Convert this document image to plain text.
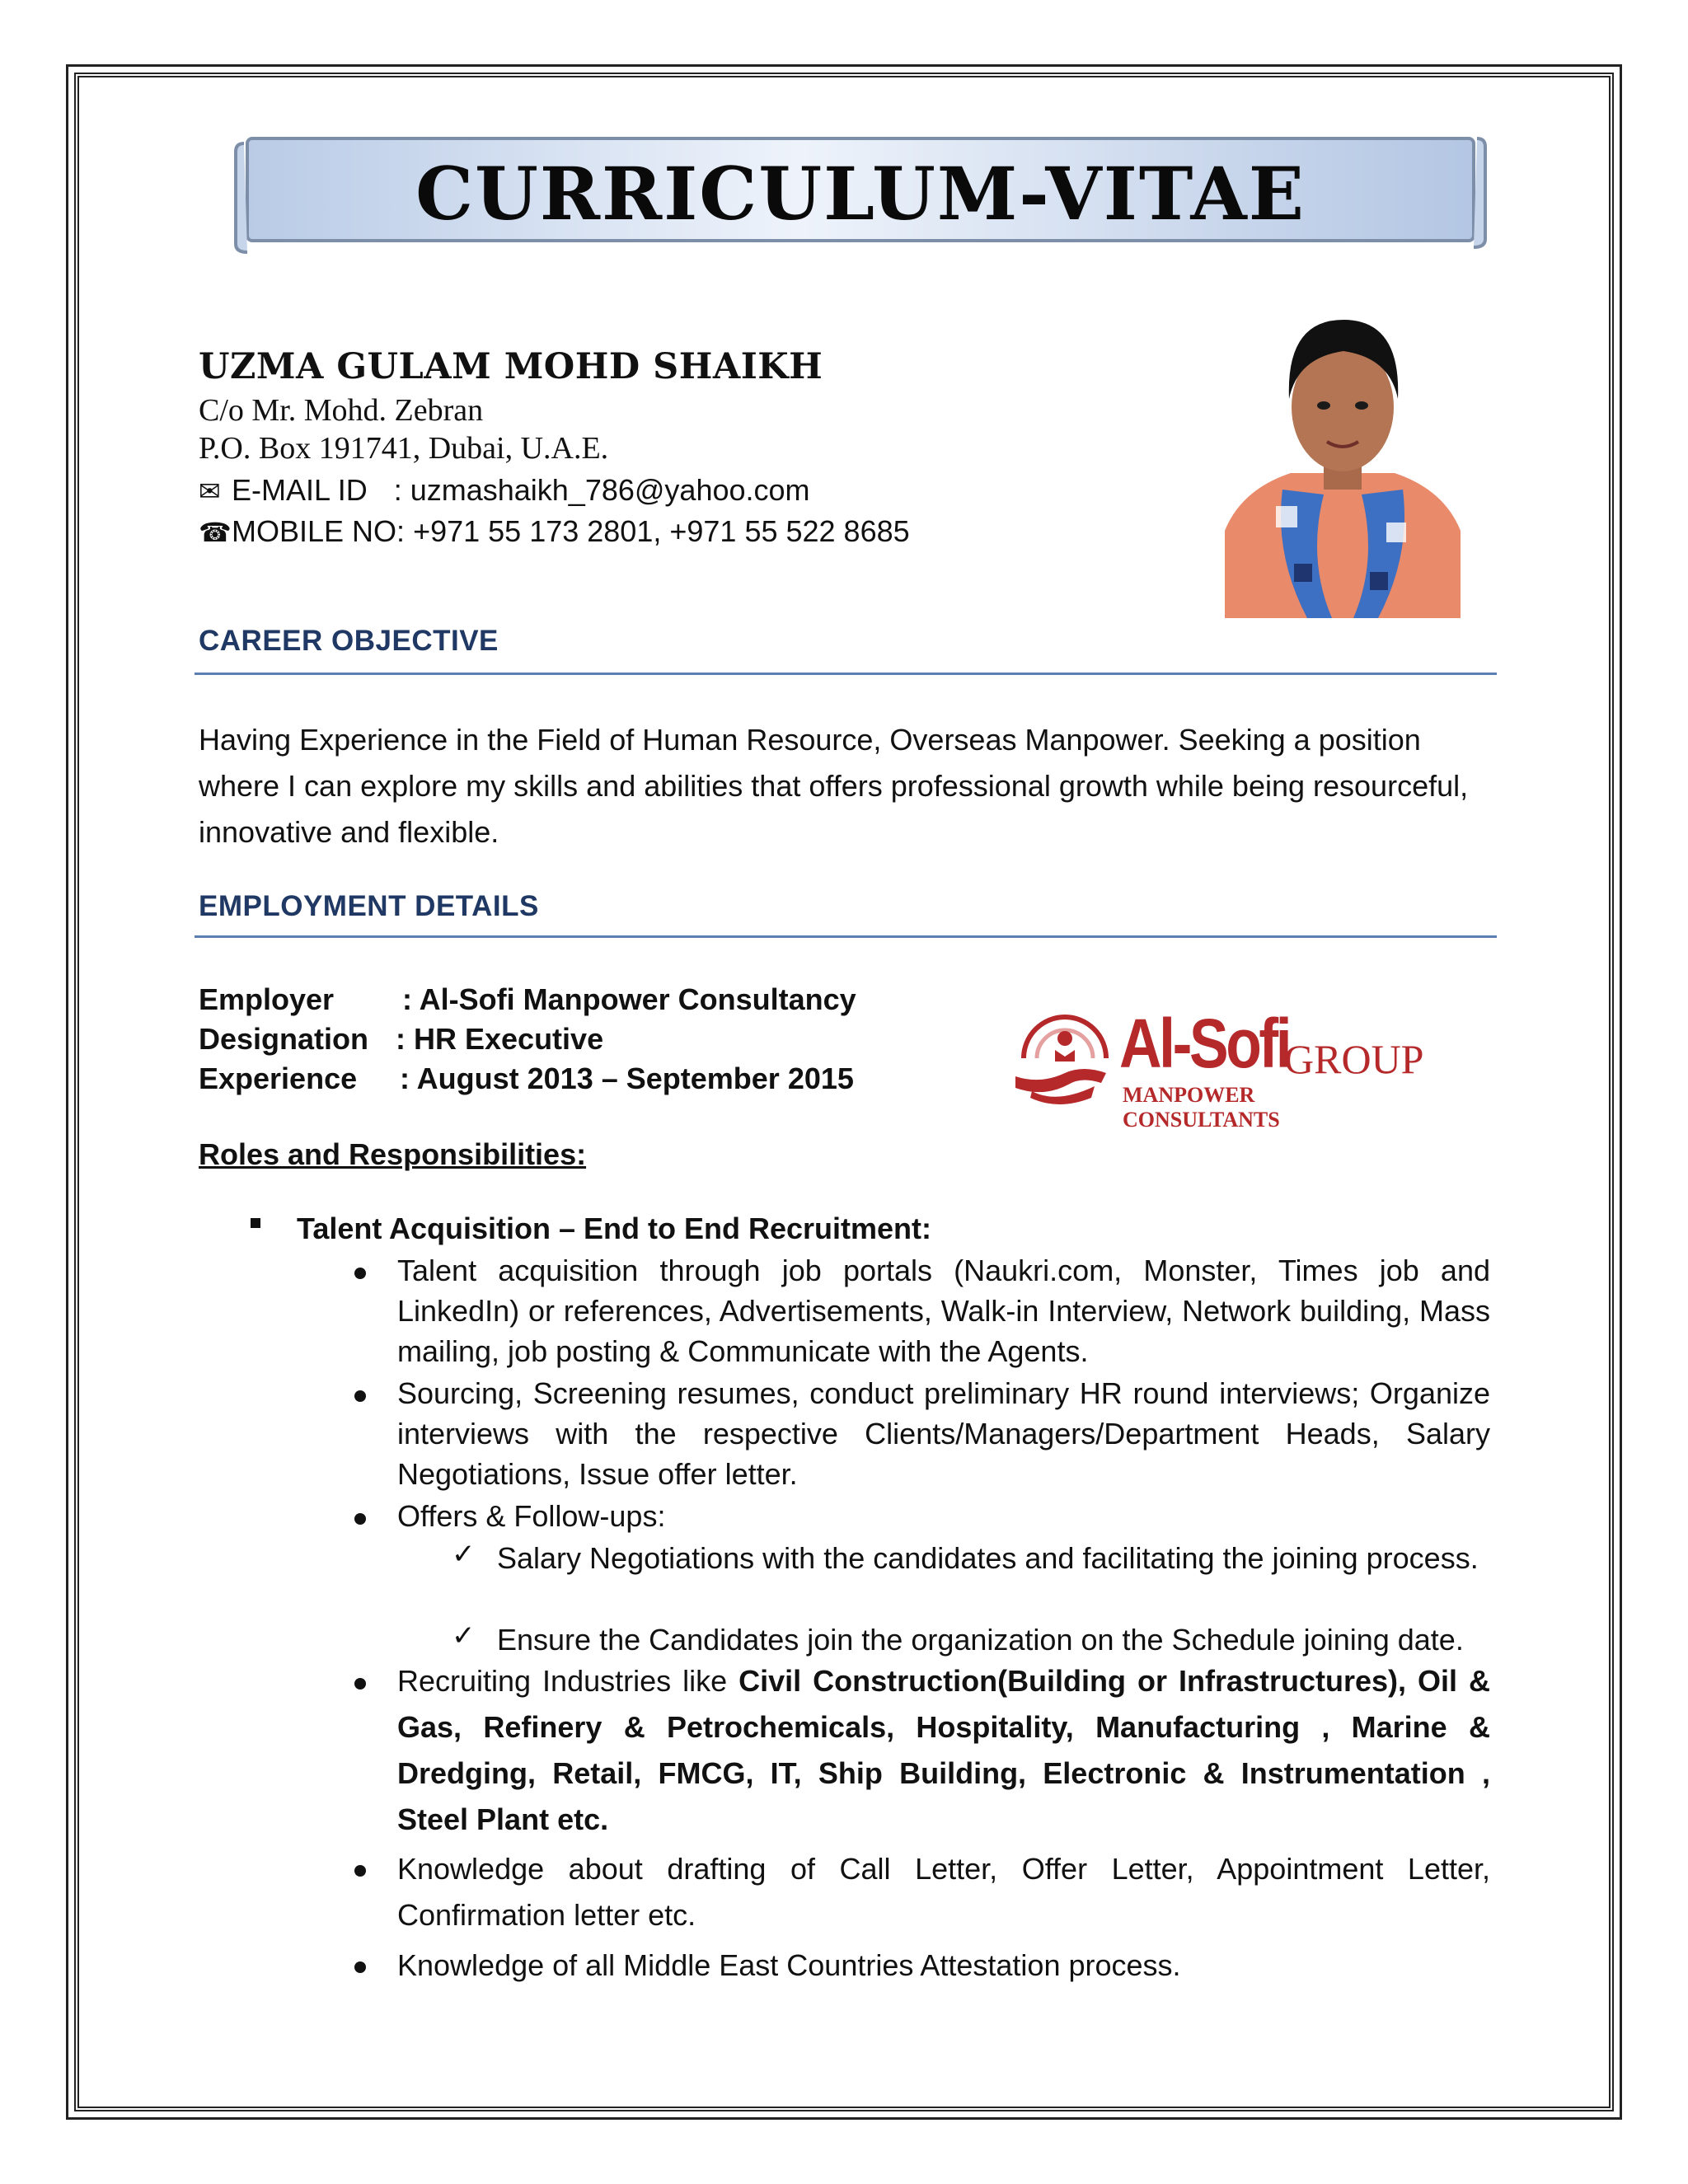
CURRICULUM-VITAE
UZMA GULAM MOHD SHAIKH
C/o Mr. Mohd. Zebran
P.O. Box 191741, Dubai, U.A.E.
✉ E-MAIL ID : uzmashaikh_786@yahoo.com
☎MOBILE NO: +971 55 173 2801, +971 55 522 8685
CAREER OBJECTIVE
Having Experience in the Field of Human Resource, Overseas Manpower. Seeking a position where I can explore my skills and abilities that offers professional growth while being resourceful, innovative and flexible.
EMPLOYMENT DETAILS
Employer : Al-Sofi Manpower Consultancy
Designation : HR Executive
Experience : August 2013 – September 2015	Al-Sofi
GROUP
MANPOWER CONSULTANTS
Roles and Responsibilities:
Talent Acquisition – End to End Recruitment:
Talent acquisition through job portals (Naukri.com, Monster, Times job and LinkedIn) or references, Advertisements, Walk-in Interview, Network building, Mass mailing, job posting & Communicate with the Agents.
Sourcing, Screening resumes, conduct preliminary HR round interviews; Organize interviews with the respective Clients/Managers/Department Heads, Salary Negotiations, Issue offer letter.
Offers & Follow-ups:
✓ Salary Negotiations with the candidates and facilitating the joining process.
✓ Ensure the Candidates join the organization on the Schedule joining date.
Recruiting Industries like Civil Construction(Building or Infrastructures), Oil & Gas, Refinery & Petrochemicals, Hospitality, Manufacturing , Marine & Dredging, Retail, FMCG, IT, Ship Building, Electronic & Instrumentation , Steel Plant etc.
Knowledge about drafting of Call Letter, Offer Letter, Appointment Letter, Confirmation letter etc.
Knowledge of all Middle East Countries Attestation process.
